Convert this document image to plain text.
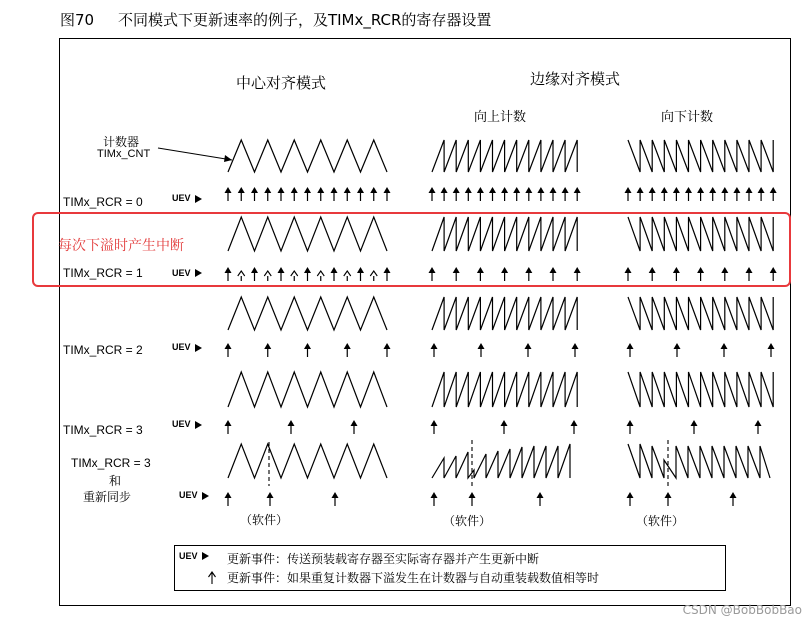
图70 不同模式下更新速率的例子，及TIMx_RCR的寄存器设置
中心对齐模式	边缘对齐模式
向上计数	向下计数
计数器
TIMx_CNT
TIMx_RCR = 0
TIMx_RCR = 1
TIMx_RCR = 2
TIMx_RCR = 3
TIMx_RCR = 3
和
重新同步
UEV
UEV
UEV
UEV
UEV
（软件）	（软件）	（软件）
每次下溢时产生中断
UEV 更新事件：传送预装载寄存器至实际寄存器并产生更新中断
更新事件：如果重复计数器下溢发生在计数器与自动重装载数值相等时
CSDN @BobBobBao
